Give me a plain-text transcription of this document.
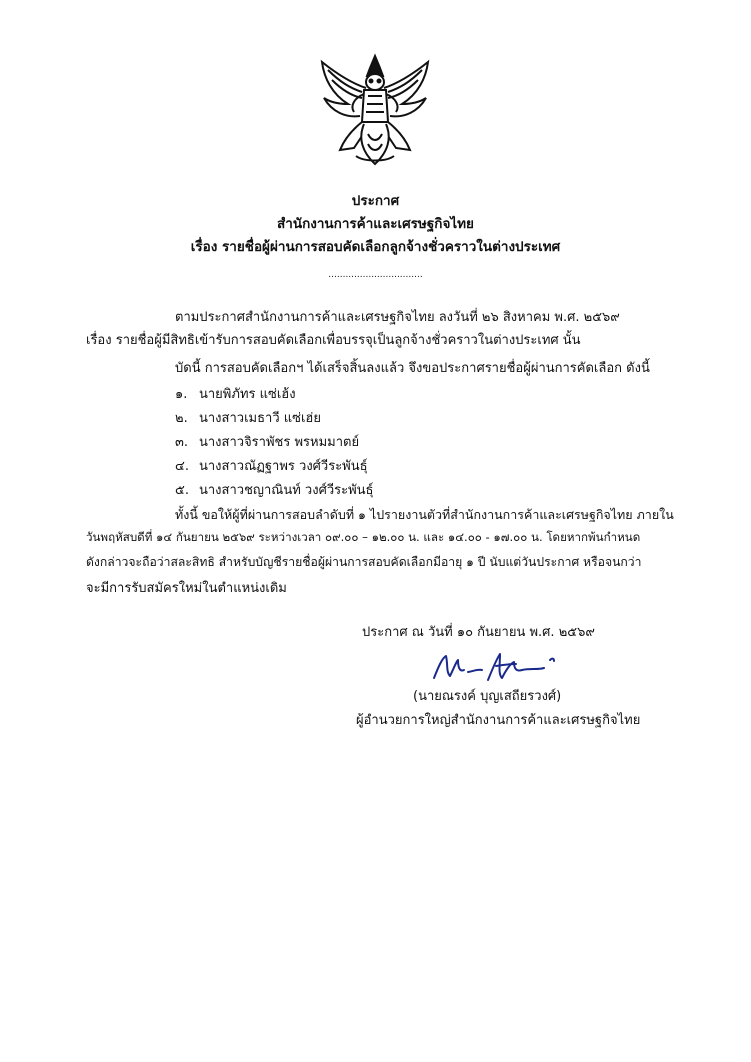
ประกาศ
สำนักงานการค้าและเศรษฐกิจไทย
เรื่อง รายชื่อผู้ผ่านการสอบคัดเลือกลูกจ้างชั่วคราวในต่างประเทศ
.................................
ตามประกาศสำนักงานการค้าและเศรษฐกิจไทย ลงวันที่ ๒๖ สิงหาคม พ.ศ. ๒๕๖๙
เรื่อง รายชื่อผู้มีสิทธิเข้ารับการสอบคัดเลือกเพื่อบรรจุเป็นลูกจ้างชั่วคราวในต่างประเทศ นั้น
บัดนี้ การสอบคัดเลือกฯ ได้เสร็จสิ้นลงแล้ว จึงขอประกาศรายชื่อผู้ผ่านการคัดเลือก ดังนี้
๑. นายพิภัทร แซ่เฮ้ง
๒. นางสาวเมธาวี แซ่เฮ่ย
๓. นางสาวจิราพัชร พรหมมาตย์
๔. นางสาวณัฏฐาพร วงศ์วีระพันธุ์
๕. นางสาวชญาณินท์ วงศ์วีระพันธุ์
ทั้งนี้ ขอให้ผู้ที่ผ่านการสอบลำดับที่ ๑ ไปรายงานตัวที่สำนักงานการค้าและเศรษฐกิจไทย ภายใน
วันพฤหัสบดีที่ ๑๔ กันยายน ๒๕๖๙ ระหว่างเวลา ๐๙.๐๐ – ๑๒.๐๐ น. และ ๑๔.๐๐ - ๑๗.๐๐ น. โดยหากพ้นกำหนด
ดังกล่าวจะถือว่าสละสิทธิ สำหรับบัญชีรายชื่อผู้ผ่านการสอบคัดเลือกมีอายุ ๑ ปี นับแต่วันประกาศ หรือจนกว่า
จะมีการรับสมัครใหม่ในตำแหน่งเดิม
ประกาศ ณ วันที่ ๑๐ กันยายน พ.ศ. ๒๕๖๙
(นายณรงค์ บุญเสถียรวงศ์)
ผู้อำนวยการใหญ่สำนักงานการค้าและเศรษฐกิจไทย
